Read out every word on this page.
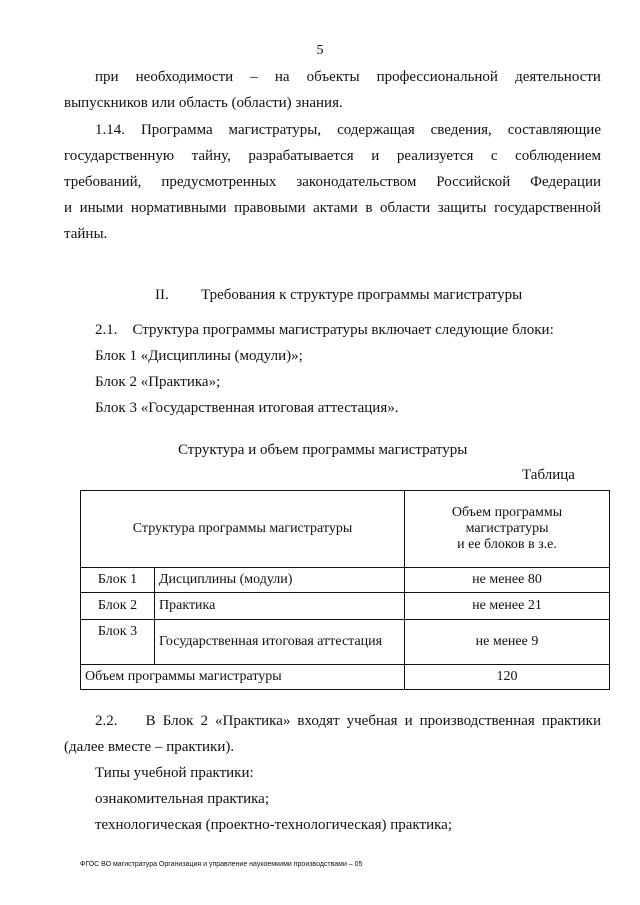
5
при необходимости – на объекты профессиональной деятельности
выпускников или область (области) знания.
1.14. Программа магистратуры, содержащая сведения, составляющие
государственную тайну, разрабатывается и реализуется с соблюдением
требований, предусмотренных законодательством Российской Федерации
и иными нормативными правовыми актами в области защиты государственной
тайны.
II. Требования к структуре программы магистратуры
2.1.    Структура программы магистратуры включает следующие блоки:
Блок 1 «Дисциплины (модули)»;
Блок 2 «Практика»;
Блок 3 «Государственная итоговая аттестация».
Структура и объем программы магистратуры
Таблица
Структура программы магистратуры		Объем программы
магистратуры
и ее блоков в з.е.

Блок 1	Дисциплины (модули)	не менее 80
Блок 2	Практика	не менее 21
Блок 3	Государственная итоговая аттестация	не менее 9
Объем программы магистратуры		120
2.2.    В Блок 2 «Практика» входят учебная и производственная практики
(далее вместе – практики).
Типы учебной практики:
ознакомительная практика;
технологическая (проектно-технологическая) практика;
ФГОС ВО магистратура Организация и управление наукоемкими производствами – 05
